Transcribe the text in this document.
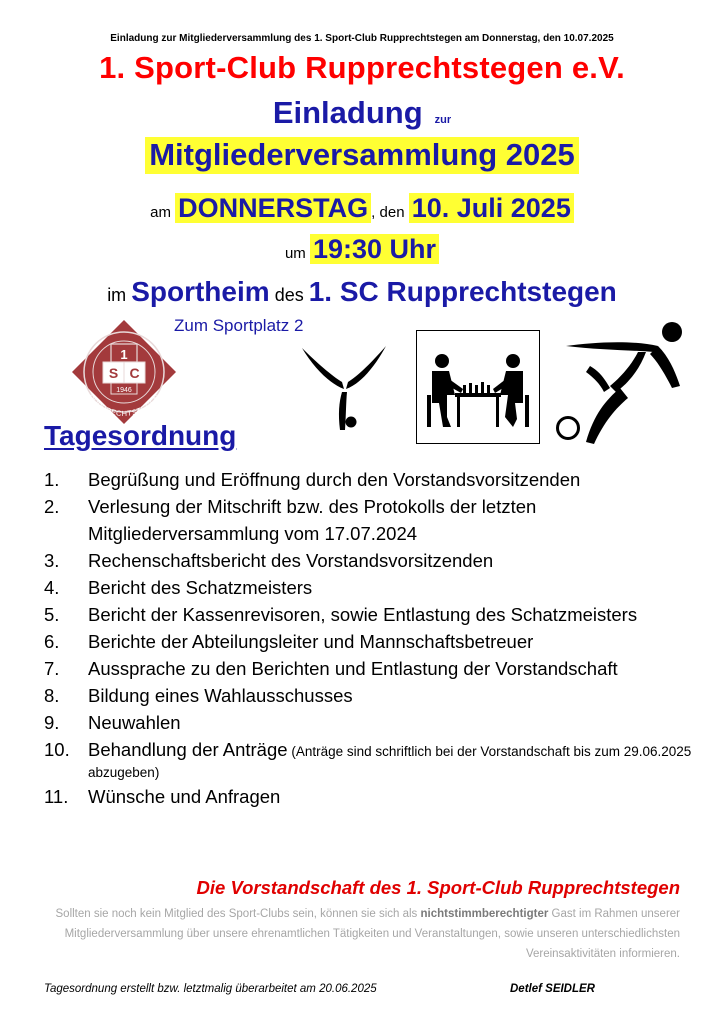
Einladung zur Mitgliederversammlung des 1. Sport-Club Rupprechtstegen am Donnerstag, den 10.07.2025
1. Sport-Club Rupprechtstegen e.V.
Einladung zur
Mitgliederversammlung 2025
am DONNERSTAG , den 10. Juli 2025
um 19:30 Uhr
im Sportheim des 1. SC Rupprechtstegen
Zum Sportplatz 2
1
S C
1946
RUPPRECHTSTEGEN
Tagesordnung
1.	Begrüßung und Eröffnung durch den Vorstandsvorsitzenden
2.	Verlesung der Mitschrift bzw. des Protokolls der letzten Mitgliederversammlung vom 17.07.2024
3.	Rechenschaftsbericht des Vorstandsvorsitzenden
4.	Bericht des Schatzmeisters
5.	Bericht der Kassenrevisoren, sowie Entlastung des Schatzmeisters
6.	Berichte der Abteilungsleiter und Mannschaftsbetreuer
7.	Aussprache zu den Berichten und Entlastung der Vorstandschaft
8.	Bildung eines Wahlausschusses
9.	Neuwahlen
10. Behandlung der Anträge (Anträge sind schriftlich bei der Vorstandschaft bis zum 29.06.2025 abzugeben)
11.	Wünsche und Anfragen
Die Vorstandschaft des 1. Sport-Club Rupprechtstegen
Sollten sie noch kein Mitglied des Sport-Clubs sein, können sie sich als nichtstimmberechtigter Gast im Rahmen unserer Mitgliederversammlung über unsere ehrenamtlichen Tätigkeiten und Veranstaltungen, sowie unseren unterschiedlichsten Vereinsaktivitäten informieren.
Tagesordnung erstellt bzw. letztmalig überarbeitet am 20.06.2025	Detlef SEIDLER
